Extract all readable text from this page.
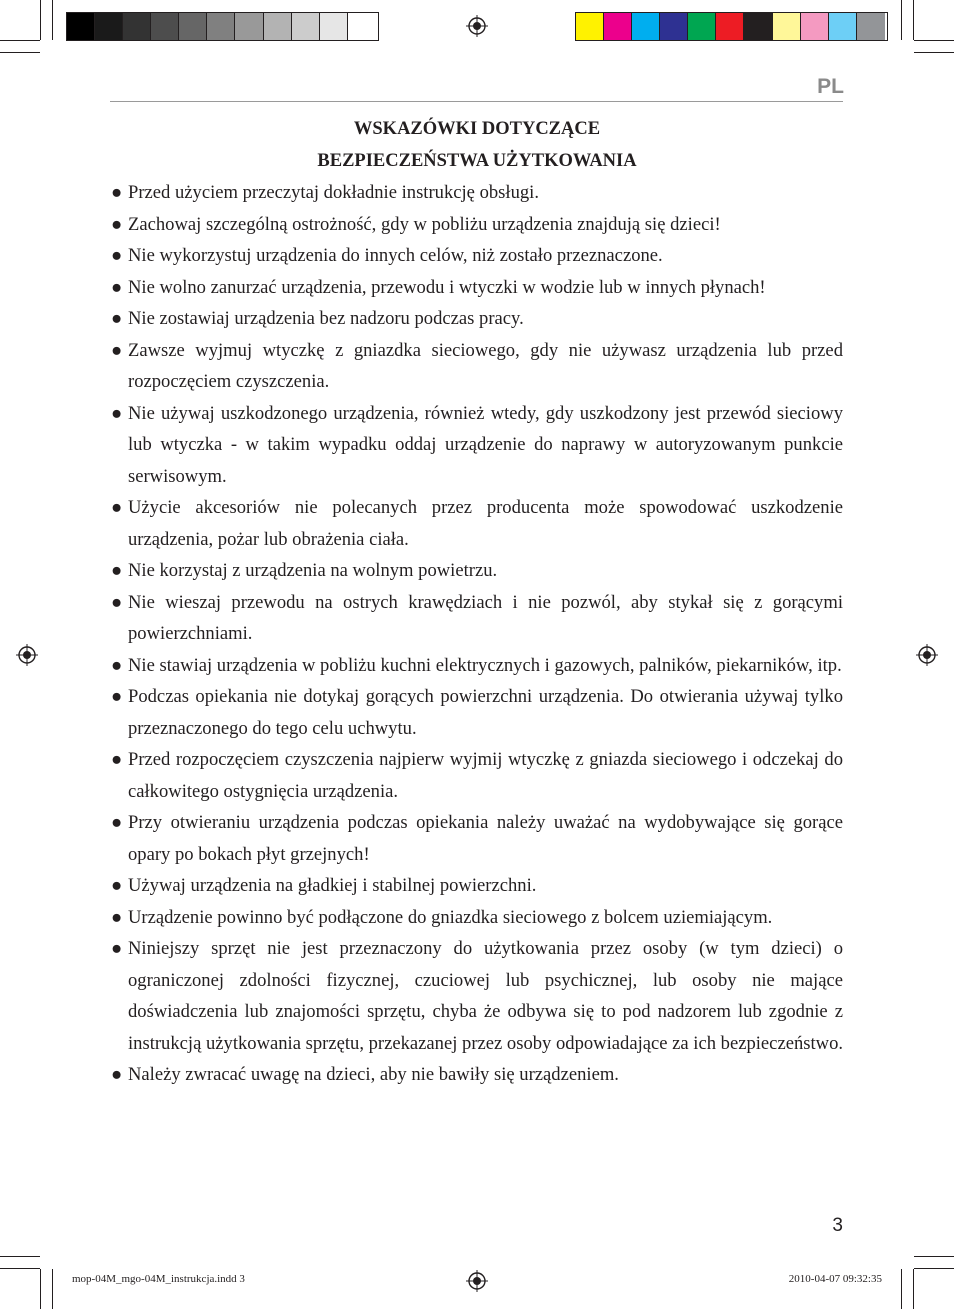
PL
WSKAZÓWKI DOTYCZĄCE
BEZPIECZEŃSTWA UŻYTKOWANIA
● Przed użyciem przeczytaj dokładnie instrukcję obsługi.
● Zachowaj szczególną ostrożność, gdy w pobliżu urządzenia znajdują się dzieci!
● Nie wykorzystuj urządzenia do innych celów, niż zostało przeznaczone.
● Nie wolno zanurzać urządzenia, przewodu i wtyczki w wodzie lub w innych płynach!
● Nie zostawiaj urządzenia bez nadzoru podczas pracy.
● Zawsze wyjmuj wtyczkę z gniazdka sieciowego, gdy nie używasz urządzenia lub przed rozpoczęciem czyszczenia.
● Nie używaj uszkodzonego urządzenia, również wtedy, gdy uszkodzony jest przewód sieciowy lub wtyczka - w takim wypadku oddaj urządzenie do naprawy w autoryzowanym punkcie serwisowym.
● Użycie akcesoriów nie polecanych przez producenta może spowodować uszkodzenie urządzenia, pożar lub obrażenia ciała.
● Nie korzystaj z urządzenia na wolnym powietrzu.
● Nie wieszaj przewodu na ostrych krawędziach i nie pozwól, aby stykał się z gorącymi powierzchniami.
● Nie stawiaj urządzenia w pobliżu kuchni elektrycznych i gazowych, palników, piekarników, itp.
● Podczas opiekania nie dotykaj gorących powierzchni urządzenia. Do otwierania używaj tylko przeznaczonego do tego celu uchwytu.
● Przed rozpoczęciem czyszczenia najpierw wyjmij wtyczkę z gniazda sieciowego i odczekaj do całkowitego ostygnięcia urządzenia.
● Przy otwieraniu urządzenia podczas opiekania należy uważać na wydobywające się gorące opary po bokach płyt grzejnych!
● Używaj urządzenia na gładkiej i stabilnej powierzchni.
● Urządzenie powinno być podłączone do gniazdka sieciowego z bolcem uziemiającym.
● Niniejszy sprzęt nie jest przeznaczony do użytkowania przez osoby (w tym dzieci) o ograniczonej zdolności fizycznej, czuciowej lub psychicznej, lub osoby nie mające doświadczenia lub znajomości sprzętu, chyba że odbywa się to pod nadzorem lub zgodnie z instrukcją użytkowania sprzętu, przekazanej przez osoby odpowiadające za ich bezpieczeństwo.
● Należy zwracać uwagę na dzieci, aby nie bawiły się urządzeniem.
3
mop-04M_mgo-04M_instrukcja.indd 3	2010-04-07 09:32:35
